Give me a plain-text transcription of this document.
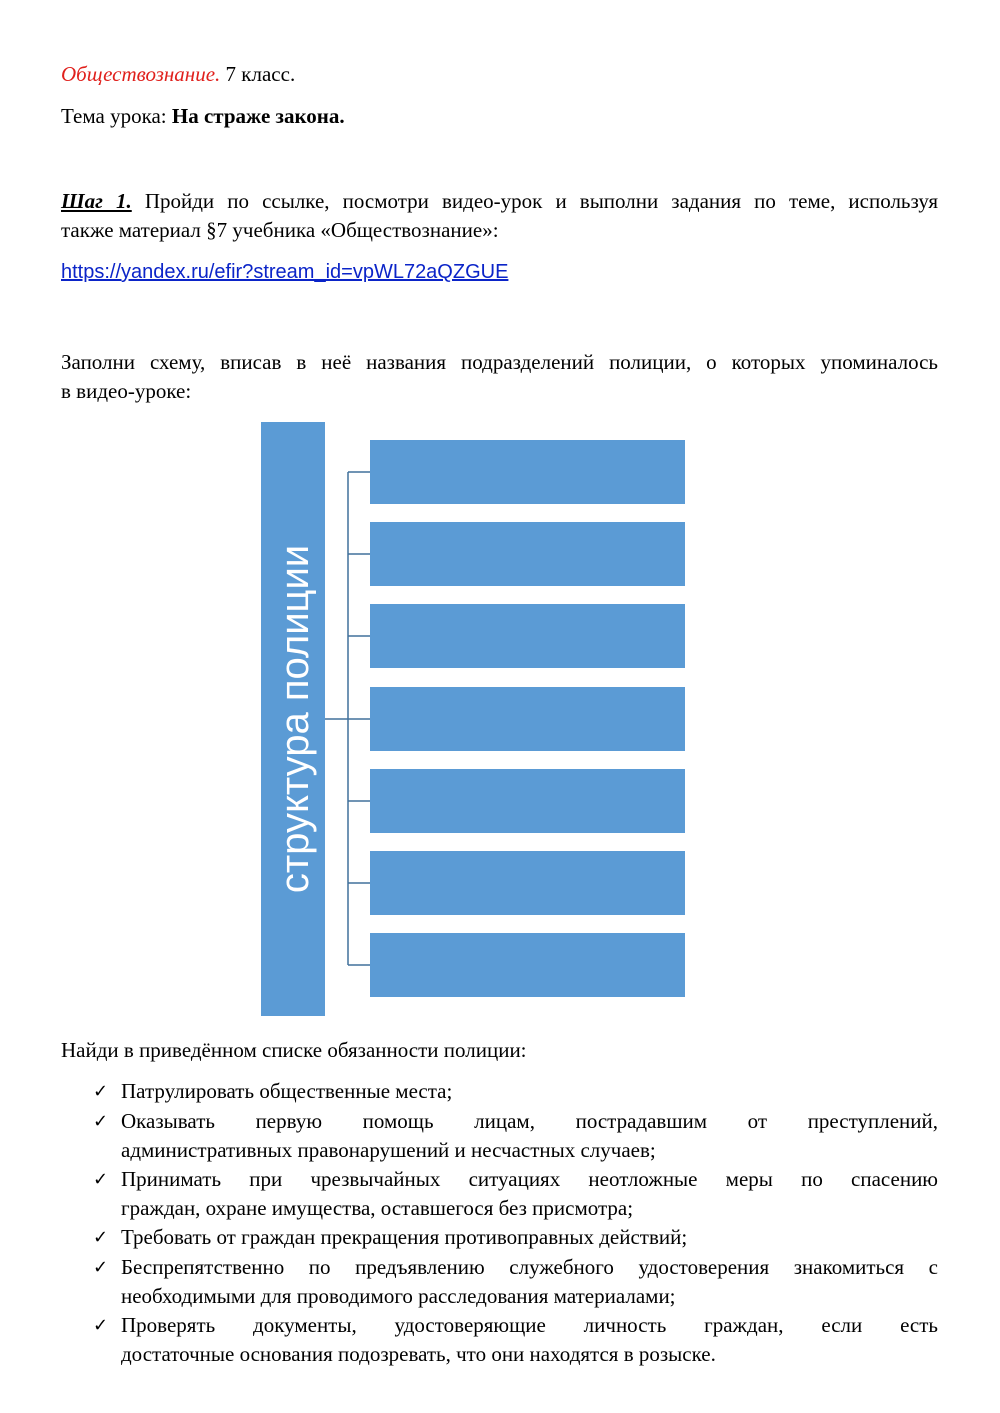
Обществознание. 7 класс.
Тема урока: На страже закона.
Шаг 1. Пройди по ссылке, посмотри видео-урок и выполни задания по теме, используя
также материал §7 учебника «Обществознание»:
https://yandex.ru/efir?stream_id=vpWL72aQZGUE
Заполни схему, вписав в неё названия подразделений полиции, о которых упоминалось
в видео-уроке:
структура полиции
Найди в приведённом списке обязанности полиции:
✓ Патрулировать общественные места;
✓ Оказывать первую помощь лицам, пострадавшим от преступлений,
административных правонарушений и несчастных случаев;
✓ Принимать при чрезвычайных ситуациях неотложные меры по спасению
граждан, охране имущества, оставшегося без присмотра;
✓ Требовать от граждан прекращения противоправных действий;
✓ Беспрепятственно по предъявлению служебного удостоверения знакомиться с
необходимыми для проводимого расследования материалами;
✓ Проверять документы, удостоверяющие личность граждан, если есть
достаточные основания подозревать, что они находятся в розыске.
